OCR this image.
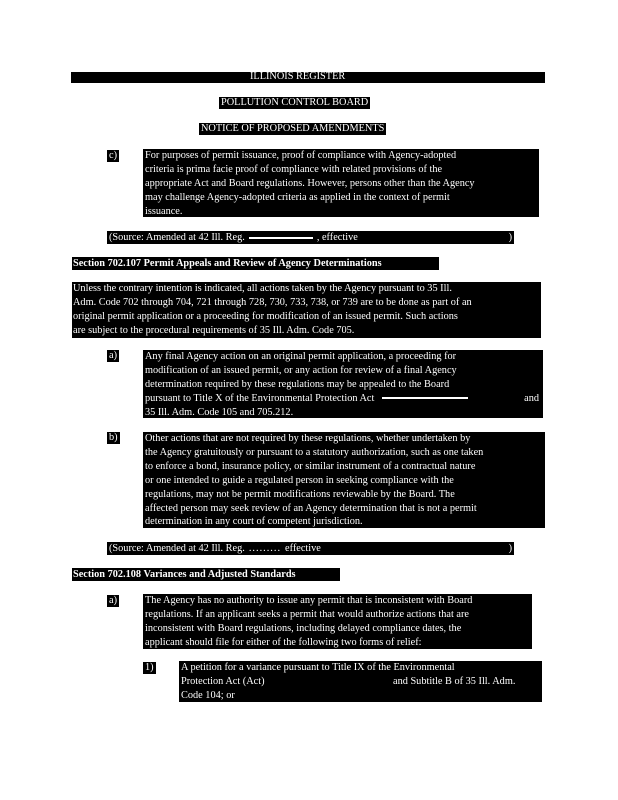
ILLINOIS REGISTER
POLLUTION CONTROL BOARD
NOTICE OF PROPOSED AMENDMENTS
c)	For purposes of permit issuance, proof of compliance with Agency-adopted
criteria is prima facie proof of compliance with related provisions of the
appropriate Act and Board regulations. However, persons other than the Agency
may challenge Agency-adopted criteria as applied in the context of permit
issuance.
(Source: Amended at 42 Ill. Reg.	, effective	)
Section 702.107 Permit Appeals and Review of Agency Determinations
Unless the contrary intention is indicated, all actions taken by the Agency pursuant to 35 Ill.
Adm. Code 702 through 704, 721 through 728, 730, 733, 738, or 739 are to be done as part of an
original permit application or a proceeding for modification of an issued permit. Such actions
are subject to the procedural requirements of 35 Ill. Adm. Code 705.
a)	Any final Agency action on an original permit application, a proceeding for
modification of an issued permit, or any action for review of a final Agency
determination required by these regulations may be appealed to the Board
pursuant to Title X of the Environmental Protection Act	and
35 Ill. Adm. Code 105 and 705.212.
b)	Other actions that are not required by these regulations, whether undertaken by
the Agency gratuitously or pursuant to a statutory authorization, such as one taken
to enforce a bond, insurance policy, or similar instrument of a contractual nature
or one intended to guide a regulated person in seeking compliance with the
regulations, may not be permit modifications reviewable by the Board. The
affected person may seek review of an Agency determination that is not a permit
determination in any court of competent jurisdiction.
(Source: Amended at 42 Ill. Reg. ......... effective	)
Section 702.108 Variances and Adjusted Standards
a)	The Agency has no authority to issue any permit that is inconsistent with Board
regulations. If an applicant seeks a permit that would authorize actions that are
inconsistent with Board regulations, including delayed compliance dates, the
applicant should file for either of the following two forms of relief:
1)	A petition for a variance pursuant to Title IX of the Environmental
Protection Act (Act)	and Subtitle B of 35 Ill. Adm.
Code 104; or
